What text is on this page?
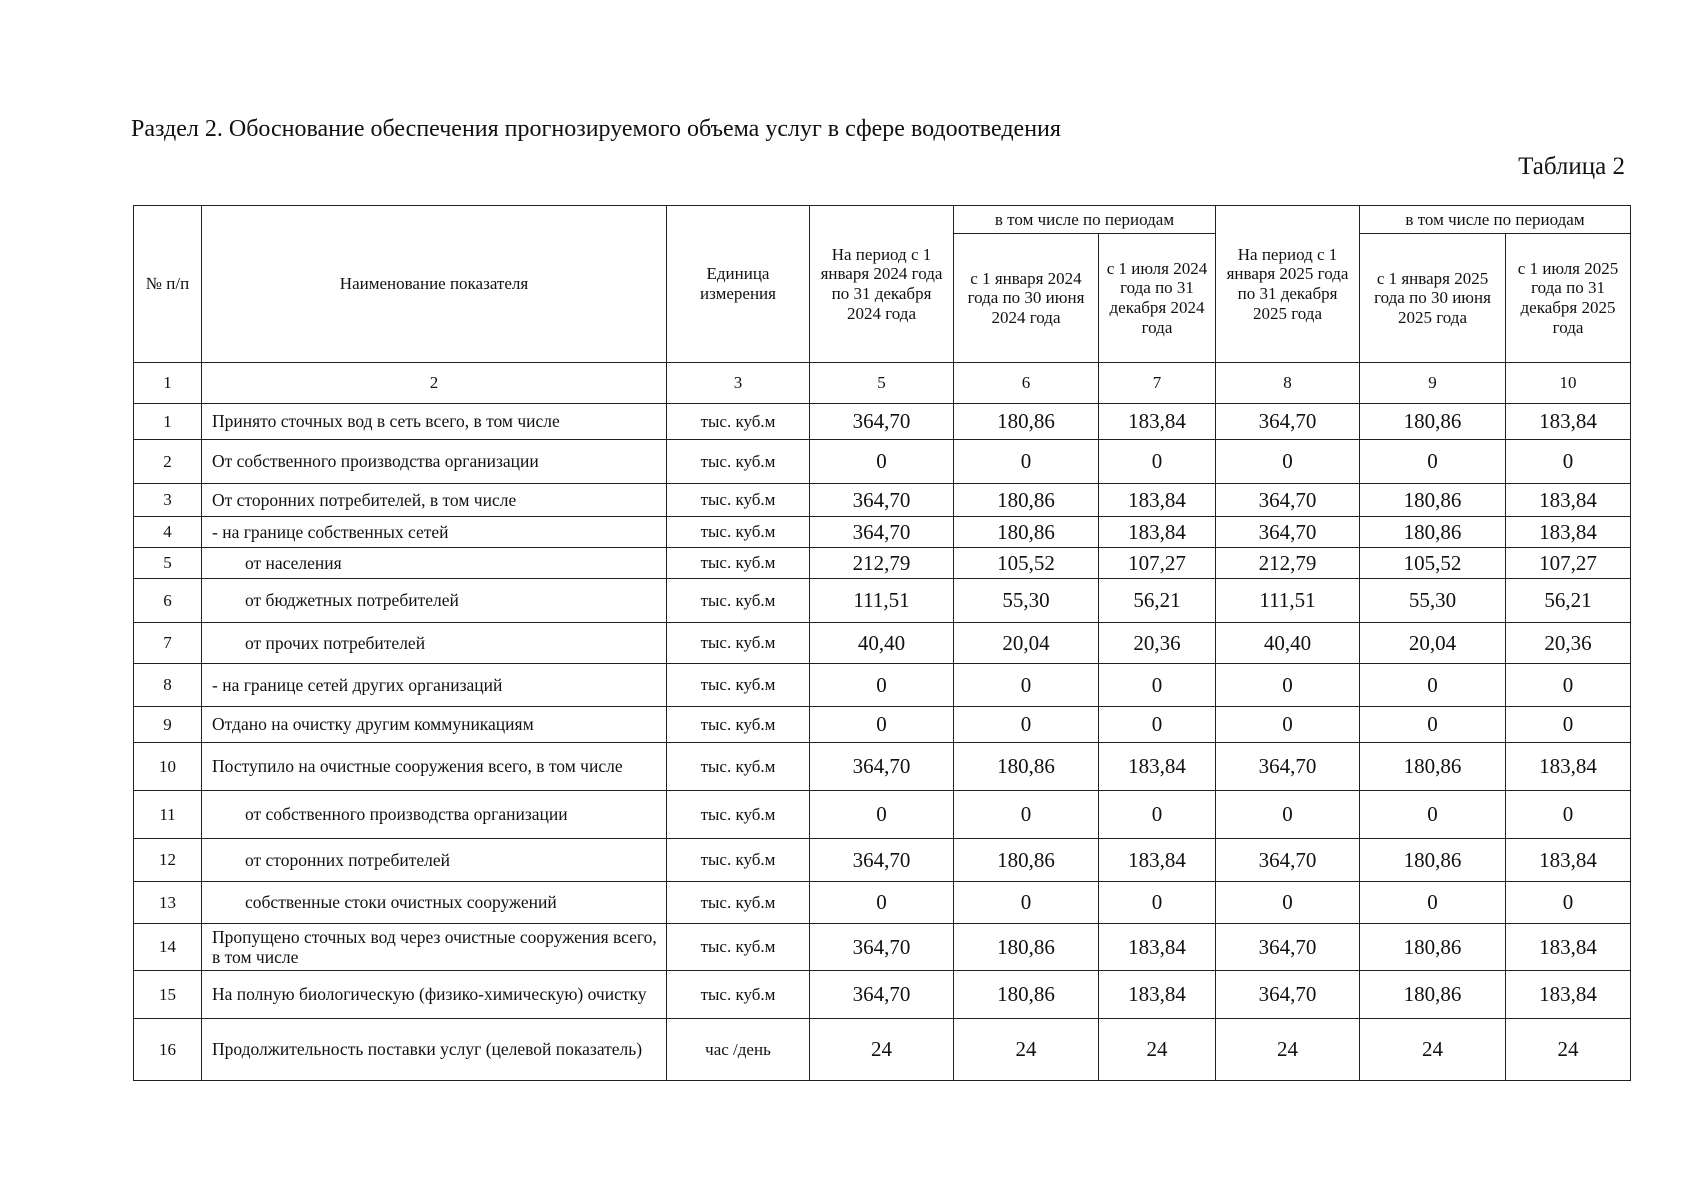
Раздел 2. Обоснование обеспечения прогнозируемого объема услуг в сфере водоотведения
Таблица 2
№ п/п	Наименование показателя	Единица измерения	На период с 1 января 2024 года по 31 декабря 2024 года	в том числе по периодам		На период с 1 января 2025 года по 31 декабря 2025 года	в том числе по периодам	
				с 1 января 2024 года по 30 июня 2024 года	с 1 июля 2024 года по 31 декабря 2024 года		с 1 января 2025 года по 30 июня 2025 года	с 1 июля 2025 года по 31 декабря 2025 года
1	2	3	5	6	7	8	9	10
1	Принято сточных вод в сеть всего, в том числе	тыс. куб.м	364,70	180,86	183,84	364,70	180,86	183,84
2	От собственного производства организации	тыс. куб.м	0	0	0	0	0	0
3	От сторонних потребителей, в том числе	тыс. куб.м	364,70	180,86	183,84	364,70	180,86	183,84
4	- на границе собственных сетей	тыс. куб.м	364,70	180,86	183,84	364,70	180,86	183,84
5	от населения	тыс. куб.м	212,79	105,52	107,27	212,79	105,52	107,27
6	от бюджетных потребителей	тыс. куб.м	111,51	55,30	56,21	111,51	55,30	56,21
7	от прочих потребителей	тыс. куб.м	40,40	20,04	20,36	40,40	20,04	20,36
8	- на границе сетей других организаций	тыс. куб.м	0	0	0	0	0	0
9	Отдано на очистку другим коммуникациям	тыс. куб.м	0	0	0	0	0	0
10	Поступило на очистные сооружения всего, в том числе	тыс. куб.м	364,70	180,86	183,84	364,70	180,86	183,84
11	от собственного производства организации	тыс. куб.м	0	0	0	0	0	0
12	от сторонних потребителей	тыс. куб.м	364,70	180,86	183,84	364,70	180,86	183,84
13	собственные стоки очистных сооружений	тыс. куб.м	0	0	0	0	0	0
14	Пропущено сточных вод через очистные сооружения всего, в том числе	тыс. куб.м	364,70	180,86	183,84	364,70	180,86	183,84
15	На полную биологическую (физико-химическую) очистку	тыс. куб.м	364,70	180,86	183,84	364,70	180,86	183,84
16	Продолжительность поставки услуг (целевой показатель)	час /день	24	24	24	24	24	24
